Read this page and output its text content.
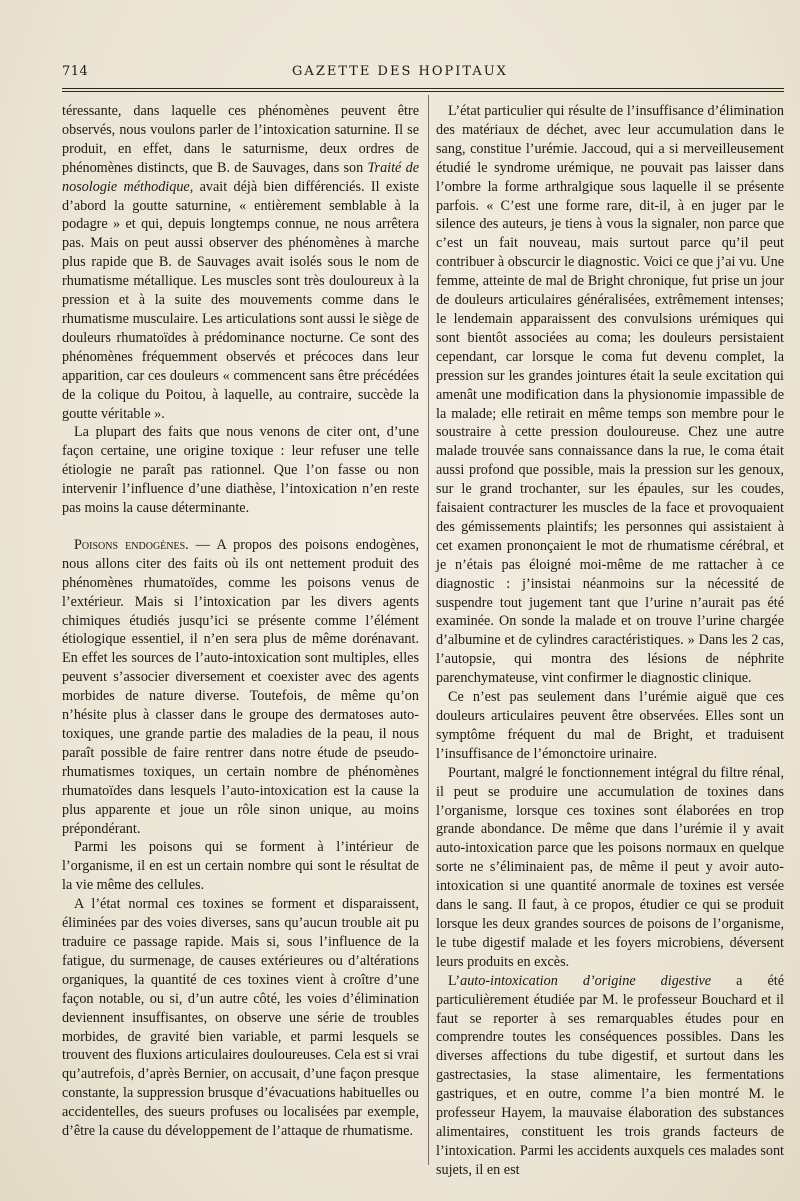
714	GAZETTE DES HOPITAUX

téressante, dans laquelle ces phénomènes peuvent être observés, nous voulons parler de l’intoxication saturnine. Il se produit, en effet, dans le saturnisme, deux ordres de phénomènes distincts, que B. de Sauvages, dans son Traité de nosologie méthodique, avait déjà bien différenciés. Il existe d’abord la goutte saturnine, « entièrement semblable à la podagre » et qui, depuis longtemps connue, ne nous arrêtera pas. Mais on peut aussi observer des phénomènes à marche plus rapide que B. de Sauvages avait isolés sous le nom de rhumatisme métallique. Les muscles sont très douloureux à la pression et à la suite des mouvements comme dans le rhumatisme musculaire. Les articulations sont aussi le siège de douleurs rhumatoïdes à prédominance nocturne. Ce sont des phénomènes fréquemment observés et précoces dans leur apparition, car ces douleurs « commencent sans être précédées de la colique du Poitou, à laquelle, au contraire, succède la goutte véritable ».

La plupart des faits que nous venons de citer ont, d’une façon certaine, une origine toxique : leur refuser une telle étiologie ne paraît pas rationnel. Que l’on fasse ou non intervenir l’influence d’une diathèse, l’intoxication n’en reste pas moins la cause déterminante.

Poisons endogènes. — A propos des poisons endogènes, nous allons citer des faits où ils ont nettement produit des phénomènes rhumatoïdes, comme les poisons venus de l’extérieur. Mais si l’intoxication par les divers agents chimiques étudiés jusqu’ici se présente comme l’élément étiologique essentiel, il n’en sera plus de même dorénavant. En effet les sources de l’auto-intoxication sont multiples, elles peuvent s’associer diversement et coexister avec des agents morbides de nature diverse. Toutefois, de même qu’on n’hésite plus à classer dans le groupe des dermatoses auto-toxiques, une grande partie des maladies de la peau, il nous paraît possible de faire rentrer dans notre étude de pseudo-rhumatismes toxiques, un certain nombre de phénomènes rhumatoïdes dans lesquels l’auto-intoxication est la cause la plus apparente et joue un rôle sinon unique, au moins prépondérant.

Parmi les poisons qui se forment à l’intérieur de l’organisme, il en est un certain nombre qui sont le résultat de la vie même des cellules.

A l’état normal ces toxines se forment et disparaissent, éliminées par des voies diverses, sans qu’aucun trouble ait pu traduire ce passage rapide. Mais si, sous l’influence de la fatigue, du surmenage, de causes extérieures ou d’altérations organiques, la quantité de ces toxines vient à croître d’une façon notable, ou si, d’un autre côté, les voies d’élimination deviennent insuffisantes, on observe une série de troubles morbides, de gravité bien variable, et parmi lesquels se trouvent des fluxions articulaires douloureuses. Cela est si vrai qu’autrefois, d’après Bernier, on accusait, d’une façon presque constante, la suppression brusque d’évacuations habituelles ou accidentelles, des sueurs profuses ou localisées par exemple, d’être la cause du développement de l’attaque de rhumatisme.

L’état particulier qui résulte de l’insuffisance d’élimination des matériaux de déchet, avec leur accumulation dans le sang, constitue l’urémie. Jaccoud, qui a si merveilleusement étudié le syndrome urémique, ne pouvait pas laisser dans l’ombre la forme arthralgique sous laquelle il se présente parfois. « C’est une forme rare, dit-il, à en juger par le silence des auteurs, je tiens à vous la signaler, non parce que c’est un fait nouveau, mais surtout parce qu’il peut contribuer à obscurcir le diagnostic. Voici ce que j’ai vu. Une femme, atteinte de mal de Bright chronique, fut prise un jour de douleurs articulaires généralisées, extrêmement intenses; le lendemain apparaissent des convulsions urémiques qui sont bientôt associées au coma; les douleurs persistaient cependant, car lorsque le coma fut devenu complet, la pression sur les grandes jointures était la seule excitation qui amenât une modification dans la physionomie impassible de la malade; elle retirait en même temps son membre pour le soustraire à cette pression douloureuse. Chez une autre malade trouvée sans connaissance dans la rue, le coma était aussi profond que possible, mais la pression sur les genoux, sur le grand trochanter, sur les épaules, sur les coudes, faisaient contracturer les muscles de la face et provoquaient des gémissements plaintifs; les personnes qui assistaient à cet examen prononçaient le mot de rhumatisme cérébral, et je n’étais pas éloigné moi-même de me rattacher à ce diagnostic : j’insistai néanmoins sur la nécessité de suspendre tout jugement tant que l’urine n’aurait pas été examinée. On sonde la malade et on trouve l’urine chargée d’albumine et de cylindres caractéristiques. » Dans les 2 cas, l’autopsie, qui montra des lésions de néphrite parenchymateuse, vint confirmer le diagnostic clinique.

Ce n’est pas seulement dans l’urémie aiguë que ces douleurs articulaires peuvent être observées. Elles sont un symptôme fréquent du mal de Bright, et traduisent l’insuffisance de l’émonctoire urinaire.

Pourtant, malgré le fonctionnement intégral du filtre rénal, il peut se produire une accumulation de toxines dans l’organisme, lorsque ces toxines sont élaborées en trop grande abondance. De même que dans l’urémie il y avait auto-intoxication parce que les poisons normaux en quelque sorte ne s’éliminaient pas, de même il peut y avoir auto-intoxication si une quantité anormale de toxines est versée dans le sang. Il faut, à ce propos, étudier ce qui se produit lorsque les deux grandes sources de poisons de l’organisme, le tube digestif malade et les foyers microbiens, déversent leurs produits en excès.

L’auto-intoxication d’origine digestive a été particulièrement étudiée par M. le professeur Bouchard et il faut se reporter à ses remarquables études pour en comprendre toutes les conséquences possibles. Dans les diverses affections du tube digestif, et surtout dans les gastrectasies, la stase alimentaire, les fermentations gastriques, et en outre, comme l’a bien montré M. le professeur Hayem, la mauvaise élaboration des substances alimentaires, constituent les trois grands facteurs de l’intoxication. Parmi les accidents auxquels ces malades sont sujets, il en est
